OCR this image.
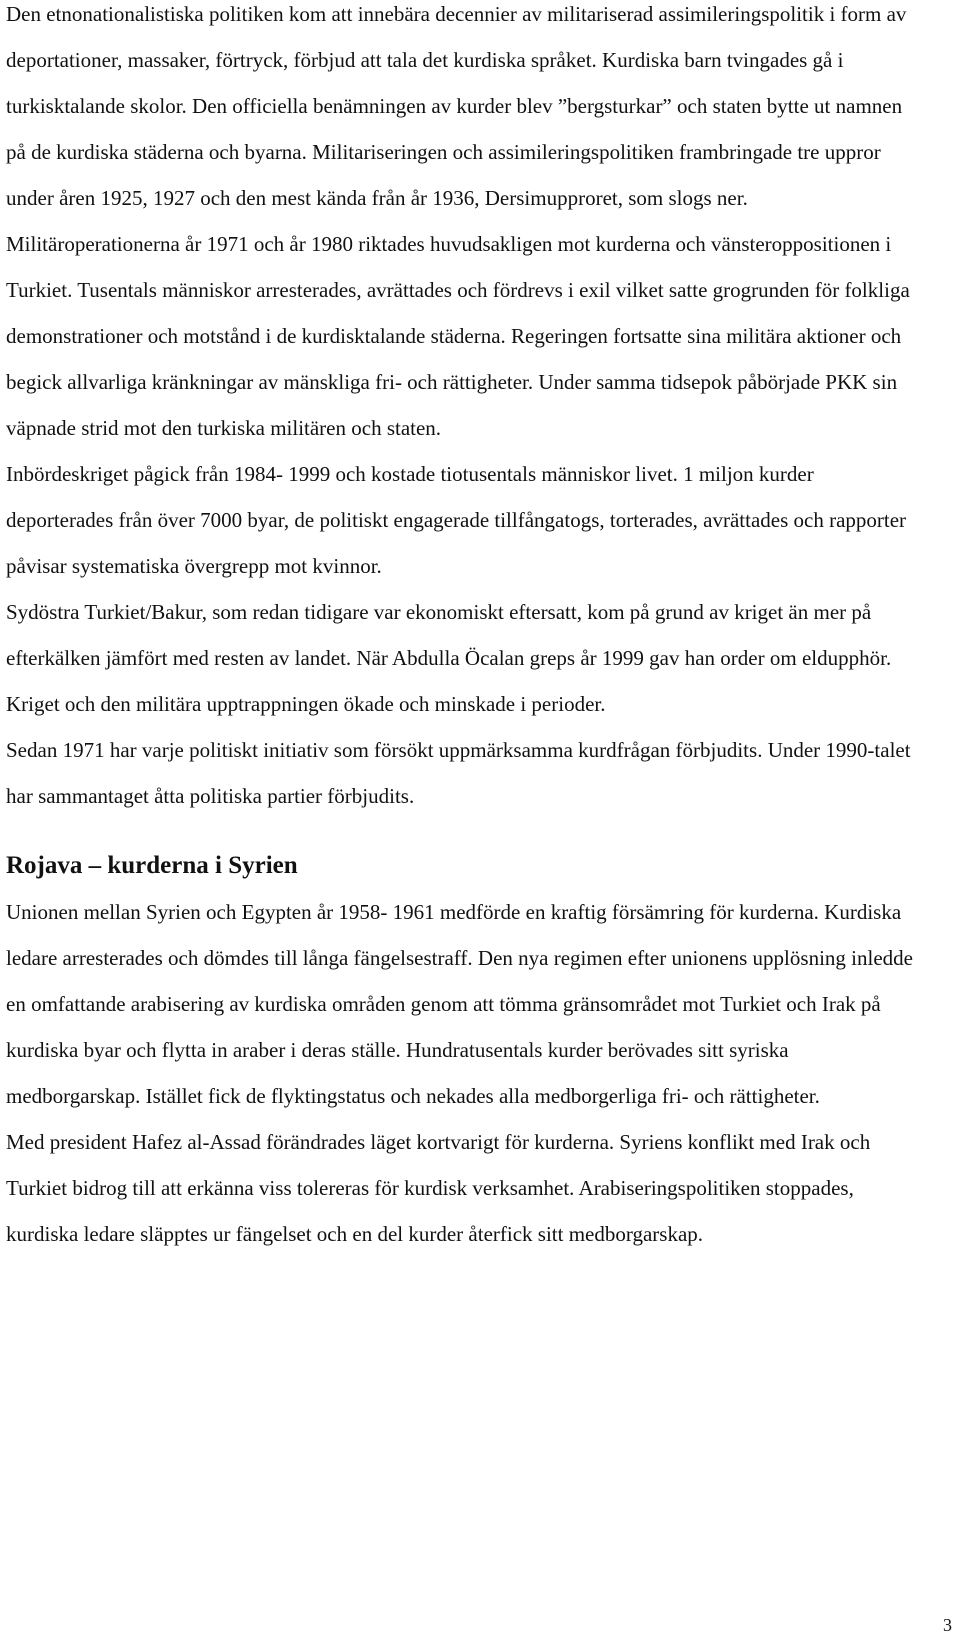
Den etnonationalistiska politiken kom att innebära decennier av militariserad assimileringspolitik i form av deportationer, massaker, förtryck, förbjud att tala det kurdiska språket. Kurdiska barn tvingades gå i turkisktalande skolor. Den officiella benämningen av kurder blev ”bergsturkar” och staten bytte ut namnen på de kurdiska städerna och byarna. Militariseringen och assimileringspolitiken frambringade tre uppror under åren 1925, 1927 och den mest kända från år 1936, Dersimupproret, som slogs ner.

Militäroperationerna år 1971 och år 1980 riktades huvudsakligen mot kurderna och vänsteroppositionen i Turkiet. Tusentals människor arresterades, avrättades och fördrevs i exil vilket satte grogrunden för folkliga demonstrationer och motstånd i de kurdisktalande städerna. Regeringen fortsatte sina militära aktioner och begick allvarliga kränkningar av mänskliga fri- och rättigheter. Under samma tidsepok påbörjade PKK sin väpnade strid mot den turkiska militären och staten.

Inbördeskriget pågick från 1984- 1999 och kostade tiotusentals människor livet. 1 miljon kurder deporterades från över 7000 byar, de politiskt engagerade tillfångatogs, torterades, avrättades och rapporter påvisar systematiska övergrepp mot kvinnor.

Sydöstra Turkiet/Bakur, som redan tidigare var ekonomiskt eftersatt, kom på grund av kriget än mer på efterkälken jämfört med resten av landet. När Abdulla Öcalan greps år 1999 gav han order om eldupphör. Kriget och den militära upptrappningen ökade och minskade i perioder.

Sedan 1971 har varje politiskt initiativ som försökt uppmärksamma kurdfrågan förbjudits. Under 1990-talet har sammantaget åtta politiska partier förbjudits.

Rojava – kurderna i Syrien

Unionen mellan Syrien och Egypten år 1958- 1961 medförde en kraftig försämring för kurderna. Kurdiska ledare arresterades och dömdes till långa fängelsestraff. Den nya regimen efter unionens upplösning inledde en omfattande arabisering av kurdiska områden genom att tömma gränsområdet mot Turkiet och Irak på kurdiska byar och flytta in araber i deras ställe. Hundratusentals kurder berövades sitt syriska medborgarskap. Istället fick de flyktingstatus och nekades alla medborgerliga fri- och rättigheter.

Med president Hafez al-Assad förändrades läget kortvarigt för kurderna. Syriens konflikt med Irak och Turkiet bidrog till att erkänna viss tolereras för kurdisk verksamhet. Arabiseringspolitiken stoppades, kurdiska ledare släpptes ur fängelset och en del kurder återfick sitt medborgarskap.

3
